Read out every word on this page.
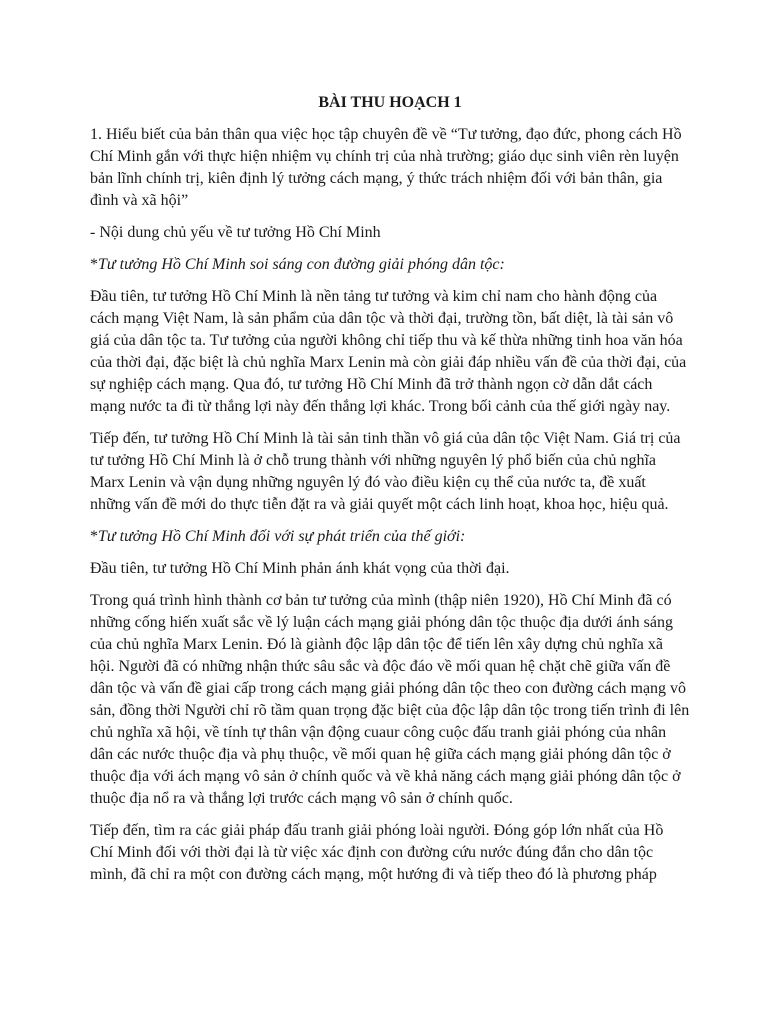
BÀI THU HOẠCH 1

1. Hiểu biết của bản thân qua việc học tập chuyên đề về “Tư tưởng, đạo đức, phong cách Hồ Chí Minh gắn với thực hiện nhiệm vụ chính trị của nhà trường; giáo dục sinh viên rèn luyện bản lĩnh chính trị, kiên định lý tưởng cách mạng, ý thức trách nhiệm đối với bản thân, gia đình và xã hội”

- Nội dung chủ yếu về tư tưởng Hồ Chí Minh

*Tư tưởng Hồ Chí Minh soi sáng con đường giải phóng dân tộc:

Đầu tiên, tư tưởng Hồ Chí Minh là nền tảng tư tưởng và kim chỉ nam cho hành động của cách mạng Việt Nam, là sản phẩm của dân tộc và thời đại, trường tồn, bất diệt, là tài sản vô giá của dân tộc ta. Tư tưởng của người không chỉ tiếp thu và kế thừa những tinh hoa văn hóa của thời đại, đặc biệt là chủ nghĩa Marx Lenin mà còn giải đáp nhiều vấn đề của thời đại, của sự nghiệp cách mạng. Qua đó, tư tưởng Hồ Chí Minh đã trở thành ngọn cờ dẫn dắt cách mạng nước ta đi từ thắng lợi này đến thắng lợi khác. Trong bối cảnh của thế giới ngày nay.

Tiếp đến, tư tưởng Hồ Chí Minh là tài sản tinh thần vô giá của dân tộc Việt Nam. Giá trị của tư tưởng Hồ Chí Minh là ở chỗ trung thành với những nguyên lý phổ biến của chủ nghĩa Marx Lenin và vận dụng những nguyên lý đó vào điều kiện cụ thể của nước ta, đề xuất những vấn đề mới do thực tiễn đặt ra và giải quyết một cách linh hoạt, khoa học, hiệu quả.

*Tư tưởng Hồ Chí Minh đối với sự phát triển của thế giới:

Đầu tiên, tư tưởng Hồ Chí Minh phản ánh khát vọng của thời đại.

Trong quá trình hình thành cơ bản tư tưởng của mình (thập niên 1920), Hồ Chí Minh đã có những cống hiến xuất sắc về lý luận cách mạng giải phóng dân tộc thuộc địa dưới ánh sáng của chủ nghĩa Marx Lenin. Đó là giành độc lập dân tộc để tiến lên xây dựng chủ nghĩa xã hội. Người đã có những nhận thức sâu sắc và độc đáo về mối quan hệ chặt chẽ giữa vấn đề dân tộc và vấn đề giai cấp trong cách mạng giải phóng dân tộc theo con đường cách mạng vô sản, đồng thời Người chỉ rõ tầm quan trọng đặc biệt của độc lập dân tộc trong tiến trình đi lên chủ nghĩa xã hội, về tính tự thân vận động cuaur công cuộc đấu tranh giải phóng của nhân dân các nước thuộc địa và phụ thuộc, về mối quan hệ giữa cách mạng giải phóng dân tộc ở thuộc địa với ách mạng vô sản ở chính quốc và về khả năng cách mạng giải phóng dân tộc ở thuộc địa nổ ra và thắng lợi trước cách mạng vô sản ở chính quốc.

Tiếp đến, tìm ra các giải pháp đấu tranh giải phóng loài người. Đóng góp lớn nhất của Hồ Chí Minh đối với thời đại là từ việc xác định con đường cứu nước đúng đắn cho dân tộc mình, đã chỉ ra một con đường cách mạng, một hướng đi và tiếp theo đó là phương pháp
